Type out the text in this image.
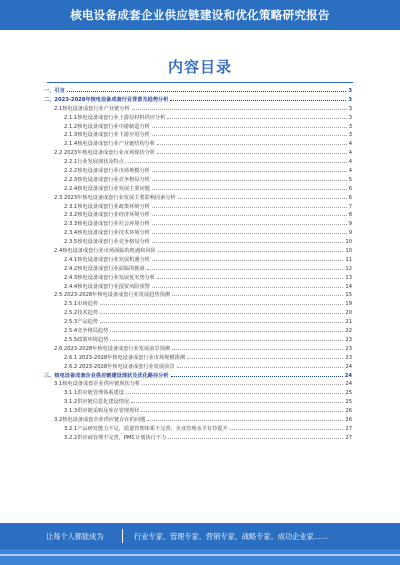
核电设备成套企业供应链建设和优化策略研究报告
内容目录
一、引言	3
二、2023-2028年核电设备成套行业背景及趋势分析	3
2.1核电设备成套行业产业链分析	3
2.1.1核电设备成套行业上游原材料供应分析	3
2.1.2核电设备成套行业中游制造分析	3
2.1.3核电设备成套行业下游应用分析	3
2.1.4核电设备成套行业产业链结构分析	4
2.2 2023年核电设备成套行业市场现状分析	4
2.2.1行业发展现状及特点	4
2.2.2核电设备成套行业市场规模分析	4
2.2.3核电设备成套行业竞争格局分析	5
2.2.4核电设备成套行业发展主要问题	6
2.3 2023年核电设备成套行业发展主要影响因素分析	6
2.3.1核电设备成套行业政策环境分析	7
2.3.2核电设备成套行业经济环境分析	8
2.3.3核电设备成套行业社会环境分析	9
2.3.4核电设备成套行业技术环境分析	9
2.3.5核电设备成套行业竞争格局分析	10
2.4核电设备成套行业市场面临的机遇和风险	10
2.4.1核电设备成套行业发展机遇分析	11
2.4.2核电设备成套行业面临的挑战	12
2.4.3核电设备成套行业发展优劣势分析	13
2.4.4核电设备成套行业投资风险预警	14
2.5 2023-2028年核电设备成套行业发展趋势预测	15
2.5.1市场趋势	19
2.5.2技术趋势	20
2.5.3产品趋势	21
2.5.4竞争格局趋势	22
2.5.5政策环境趋势	23
2.6 2023-2028年核电设备成套行业发展前景预测	23
2.6.1 2023-2028年核电设备成套行业市场规模预测	23
2.6.2 2023-2028年核电设备成套行业发展前景	24
三、核电设备成套企业供应链建设现状及优化路径分析	24
3.1核电设备成套企业供应链现状分析	24
3.1.1供应链管理体系建设	25
3.1.2供应链信息化建设情况	25
3.1.3供应链采购及库存管理现状	26
3.2核电设备成套企业供应链存在的问题	26
3.2.1产品研发能力不足，质量管理体系不完善，企业管理水平有待提升	27
3.2.2供应商管理不完善，PMC计划执行不力	27
让每个人都能成为	行业专家、管理专家、营销专家、战略专家、成功企业家……
